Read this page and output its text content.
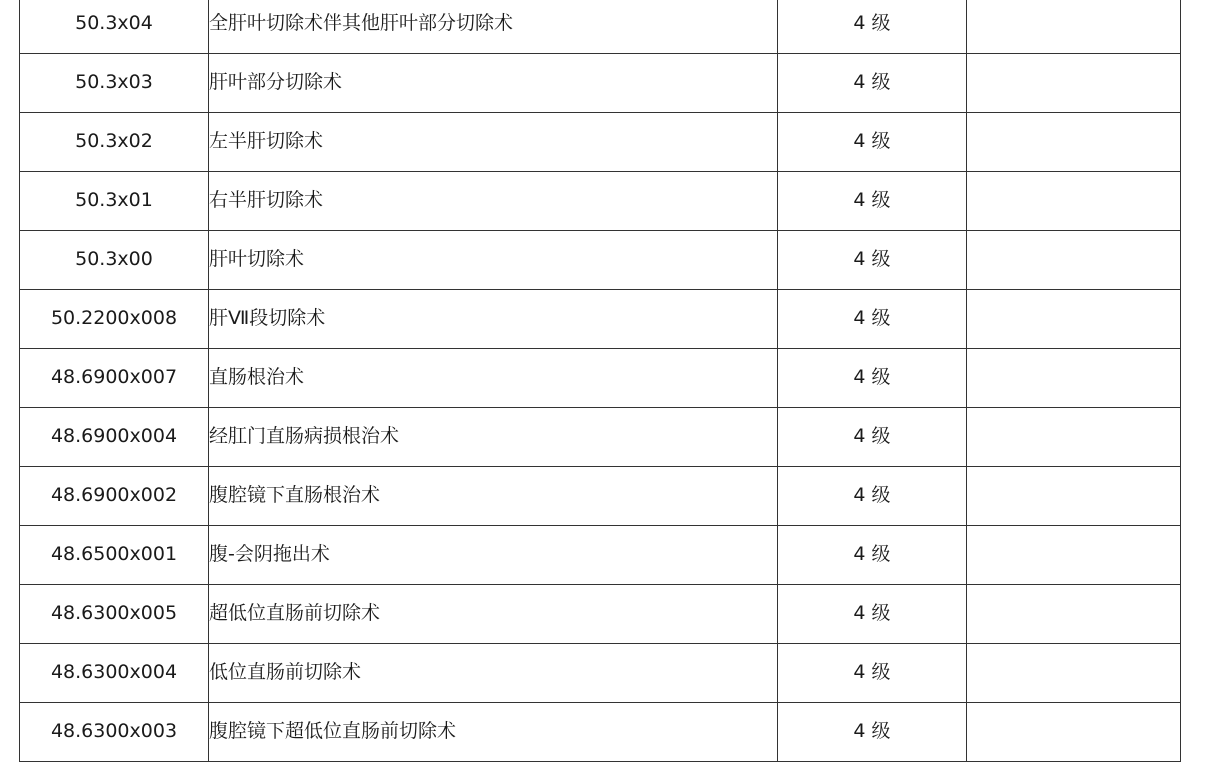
50.3x04	全肝叶切除术伴其他肝叶部分切除术	4 级	
50.3x03	肝叶部分切除术	4 级	
50.3x02	左半肝切除术	4 级	
50.3x01	右半肝切除术	4 级	
50.3x00	肝叶切除术	4 级	
50.2200x008	肝Ⅶ段切除术	4 级	
48.6900x007	直肠根治术	4 级	
48.6900x004	经肛门直肠病损根治术	4 级	
48.6900x002	腹腔镜下直肠根治术	4 级	
48.6500x001	腹-会阴拖出术	4 级	
48.6300x005	超低位直肠前切除术	4 级	
48.6300x004	低位直肠前切除术	4 级	
48.6300x003	腹腔镜下超低位直肠前切除术	4 级	
